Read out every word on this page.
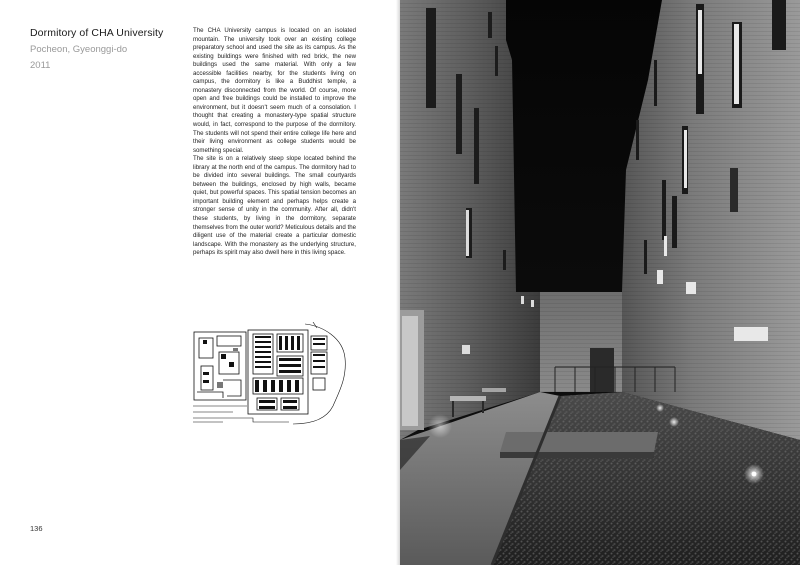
Dormitory of CHA University
Pocheon, Gyeonggi-do
2011

The CHA University campus is located on an isolated mountain. The university took over an existing college preparatory school and used the site as its campus. As the existing buildings were finished with red brick, the new buildings used the same material. With only a few accessible facilities nearby, for the students living on campus, the dormitory is like a Buddhist temple, a monastery disconnected from the world. Of course, more open and free buildings could be installed to improve the environment, but it doesn't seem much of a consolation. I thought that creating a monastery-type spatial structure would, in fact, correspond to the purpose of the dormitory. The students will not spend their entire college life here and their living environment as college students would be something special.

The site is on a relatively steep slope located behind the library at the north end of the campus. The dormitory had to be divided into several buildings. The small courtyards between the buildings, enclosed by high walls, became quiet, but powerful spaces. This spatial tension becomes an important building element and perhaps helps create a stronger sense of unity in the community. After all, didn't these students, by living in the dormitory, separate themselves from the outer world? Meticulous details and the diligent use of the material create a particular domestic landscape. With the monastery as the underlying structure, perhaps its spirit may also dwell here in this living space.

136
